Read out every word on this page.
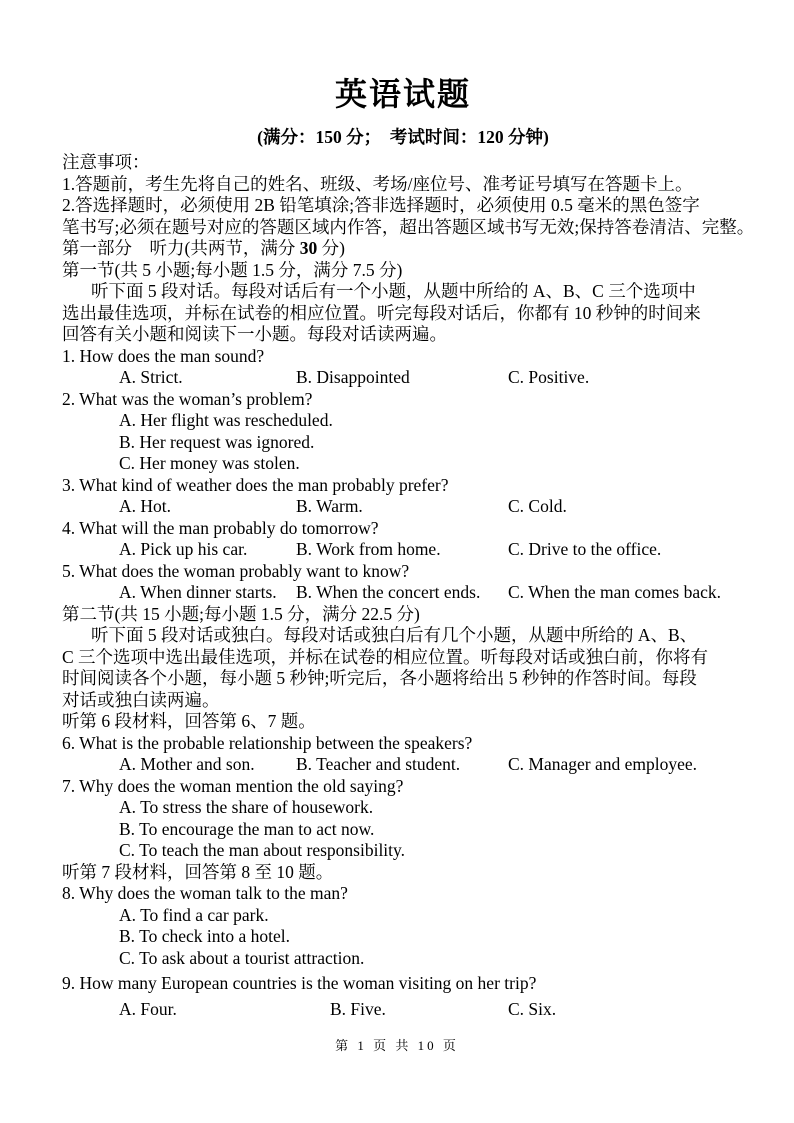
英语试题
(满分：150 分；　考试时间：120 分钟)
注意事项：
1.答题前，考生先将自己的姓名、班级、考场/座位号、准考证号填写在答题卡上。
2.答选择题时，必须使用 2B 铅笔填涂;答非选择题时，必须使用 0.5 毫米的黑色签字
笔书写;必须在题号对应的答题区域内作答，超出答题区域书写无效;保持答卷清洁、完整。
第一部分　听力(共两节，满分 30 分)
第一节(共 5 小题;每小题 1.5 分，满分 7.5 分)
听下面 5 段对话。每段对话后有一个小题，从题中所给的 A、B、C 三个选项中
选出最佳选项，并标在试卷的相应位置。听完每段对话后，你都有 10 秒钟的时间来
回答有关小题和阅读下一小题。每段对话读两遍。
1. How does the man sound?
A. Strict.	B. Disappointed	C. Positive.
2. What was the woman’s problem?
A. Her flight was rescheduled.
B. Her request was ignored.
C. Her money was stolen.
3. What kind of weather does the man probably prefer?
A. Hot.	B. Warm.	C. Cold.
4. What will the man probably do tomorrow?
A. Pick up his car.	B. Work from home.	C. Drive to the office.
5. What does the woman probably want to know?
A. When dinner starts.	B. When the concert ends.	C. When the man comes back.
第二节(共 15 小题;每小题 1.5 分，满分 22.5 分)
听下面 5 段对话或独白。每段对话或独白后有几个小题，从题中所给的 A、B、
C 三个选项中选出最佳选项，并标在试卷的相应位置。听每段对话或独白前，你将有
时间阅读各个小题，每小题 5 秒钟;听完后，各小题将给出 5 秒钟的作答时间。每段
对话或独白读两遍。
听第 6 段材料，回答第 6、7 题。
6. What is the probable relationship between the speakers?
A. Mother and son.	B. Teacher and student.	C. Manager and employee.
7. Why does the woman mention the old saying?
A. To stress the share of housework.
B. To encourage the man to act now.
C. To teach the man about responsibility.
听第 7 段材料，回答第 8 至 10 题。
8. Why does the woman talk to the man?
A. To find a car park.
B. To check into a hotel.
C. To ask about a tourist attraction.
9. How many European countries is the woman visiting on her trip?
A. Four.	B. Five.	C. Six.
第 1 页 共 10 页
